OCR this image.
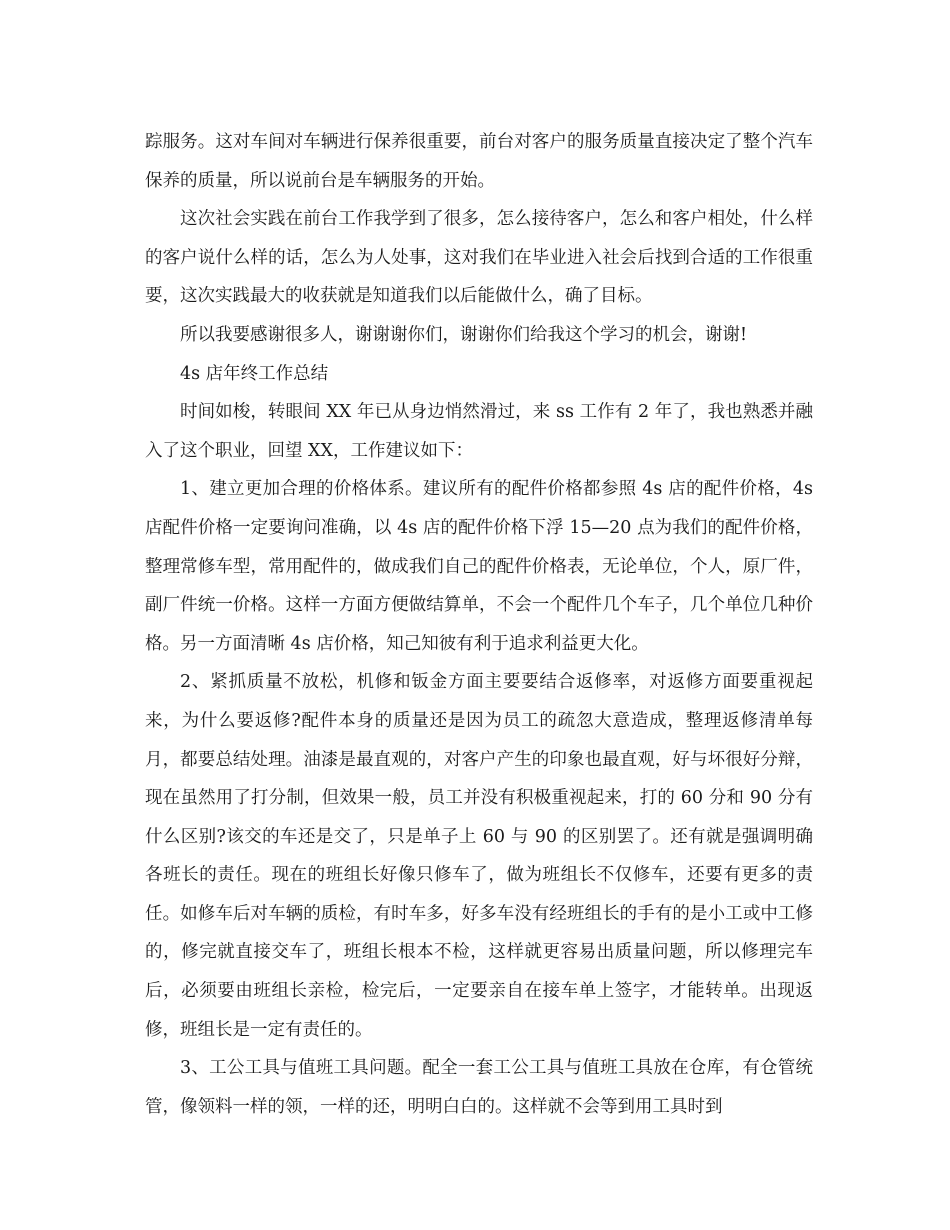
踪服务。这对车间对车辆进行保养很重要，前台对客户的服务质量直接决定了整个汽车保养的质量，所以说前台是车辆服务的开始。

这次社会实践在前台工作我学到了很多，怎么接待客户，怎么和客户相处，什么样的客户说什么样的话，怎么为人处事，这对我们在毕业进入社会后找到合适的工作很重要，这次实践最大的收获就是知道我们以后能做什么，确了目标。

所以我要感谢很多人，谢谢谢你们，谢谢你们给我这个学习的机会，谢谢!

4s 店年终工作总结

时间如梭，转眼间 XX 年已从身边悄然滑过，来 ss 工作有 2 年了，我也熟悉并融入了这个职业，回望 XX，工作建议如下：

1、建立更加合理的价格体系。建议所有的配件价格都参照 4s 店的配件价格，4s 店配件价格一定要询问准确，以 4s 店的配件价格下浮 15—20 点为我们的配件价格，整理常修车型，常用配件的，做成我们自己的配件价格表，无论单位，个人，原厂件，副厂件统一价格。这样一方面方便做结算单，不会一个配件几个车子，几个单位几种价格。另一方面清晰 4s 店价格，知己知彼有利于追求利益更大化。

2、紧抓质量不放松，机修和钣金方面主要要结合返修率，对返修方面要重视起来，为什么要返修?配件本身的质量还是因为员工的疏忽大意造成，整理返修清单每月，都要总结处理。油漆是最直观的，对客户产生的印象也最直观，好与坏很好分辩，现在虽然用了打分制，但效果一般，员工并没有积极重视起来，打的 60 分和 90 分有什么区别?该交的车还是交了，只是单子上 60 与 90 的区别罢了。还有就是强调明确各班长的责任。现在的班组长好像只修车了，做为班组长不仅修车，还要有更多的责任。如修车后对车辆的质检，有时车多，好多车没有经班组长的手有的是小工或中工修的，修完就直接交车了，班组长根本不检，这样就更容易出质量问题，所以修理完车后，必须要由班组长亲检，检完后，一定要亲自在接车单上签字，才能转单。出现返修，班组长是一定有责任的。

3、工公工具与值班工具问题。配全一套工公工具与值班工具放在仓库，有仓管统管，像领料一样的领，一样的还，明明白白的。这样就不会等到用工具时到
